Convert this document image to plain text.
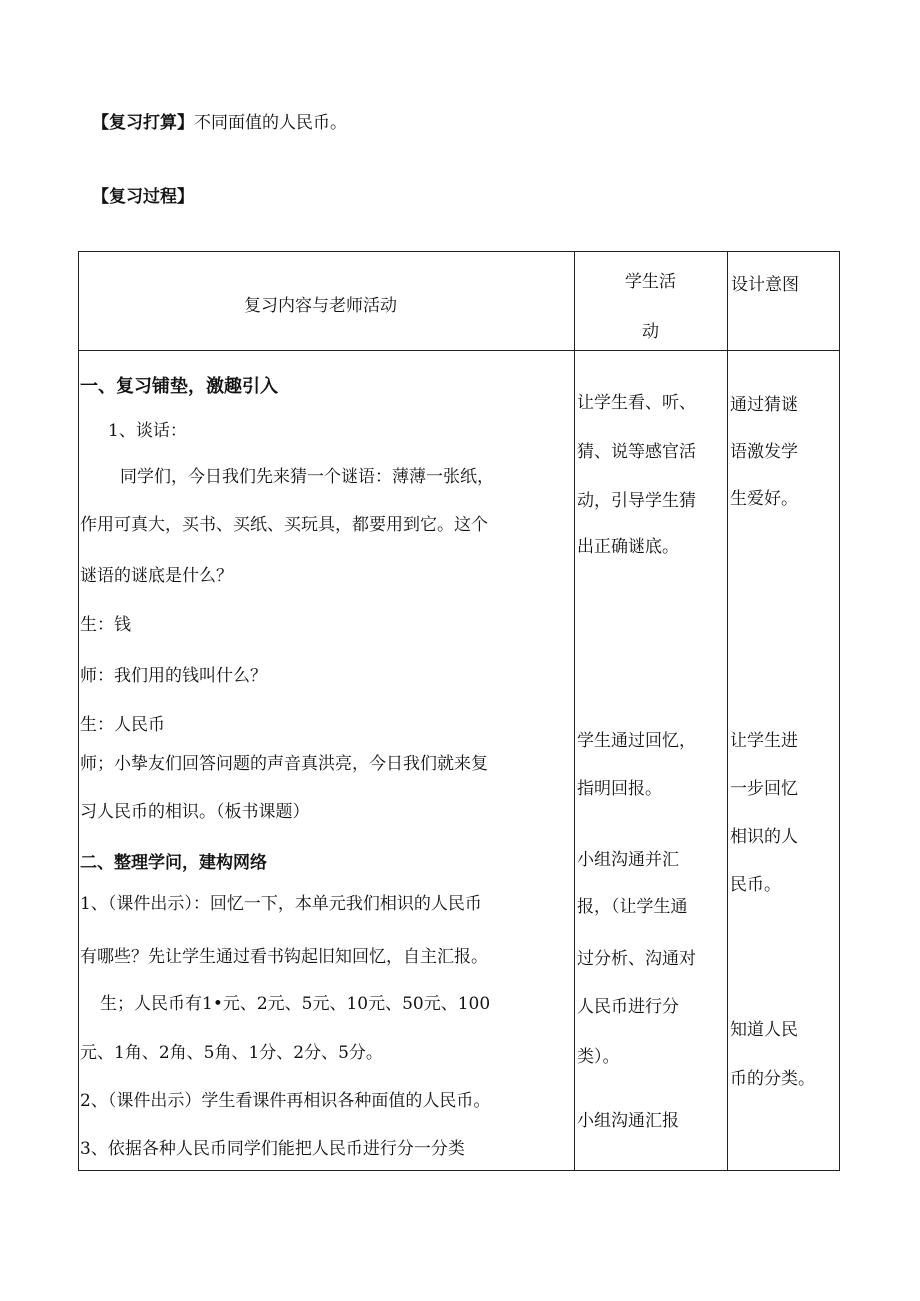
【复习打算】不同面值的人民币。
【复习过程】
复习内容与老师活动
学生活
动
设计意图
一、复习铺垫，激趣引入
1、谈话：
同学们，今日我们先来猜一个谜语：薄薄一张纸，
作用可真大，买书、买纸、买玩具，都要用到它。这个
谜语的谜底是什么？
生：钱
师：我们用的钱叫什么？
生：人民币
师；小挚友们回答问题的声音真洪亮，今日我们就来复
习人民币的相识。（板书课题）
二、整理学问，建构网络
1、（课件出示）：回忆一下，本单元我们相识的人民币
有哪些？先让学生通过看书钩起旧知回忆，自主汇报。
生；人民币有1•元、2元、5元、10元、50元、100
元、1角、2角、5角、1分、2分、5分。
2、（课件出示）学生看课件再相识各种面值的人民币。
3、依据各种人民币同学们能把人民币进行分一分类
让学生看、听、
猜、说等感官活
动，引导学生猜
出正确谜底。
学生通过回忆，
指明回报。
小组沟通并汇
报，（让学生通
过分析、沟通对
人民币进行分
类）。
小组沟通汇报
通过猜谜
语激发学
生爱好。
让学生进
一步回忆
相识的人
民币。
知道人民
币的分类。
